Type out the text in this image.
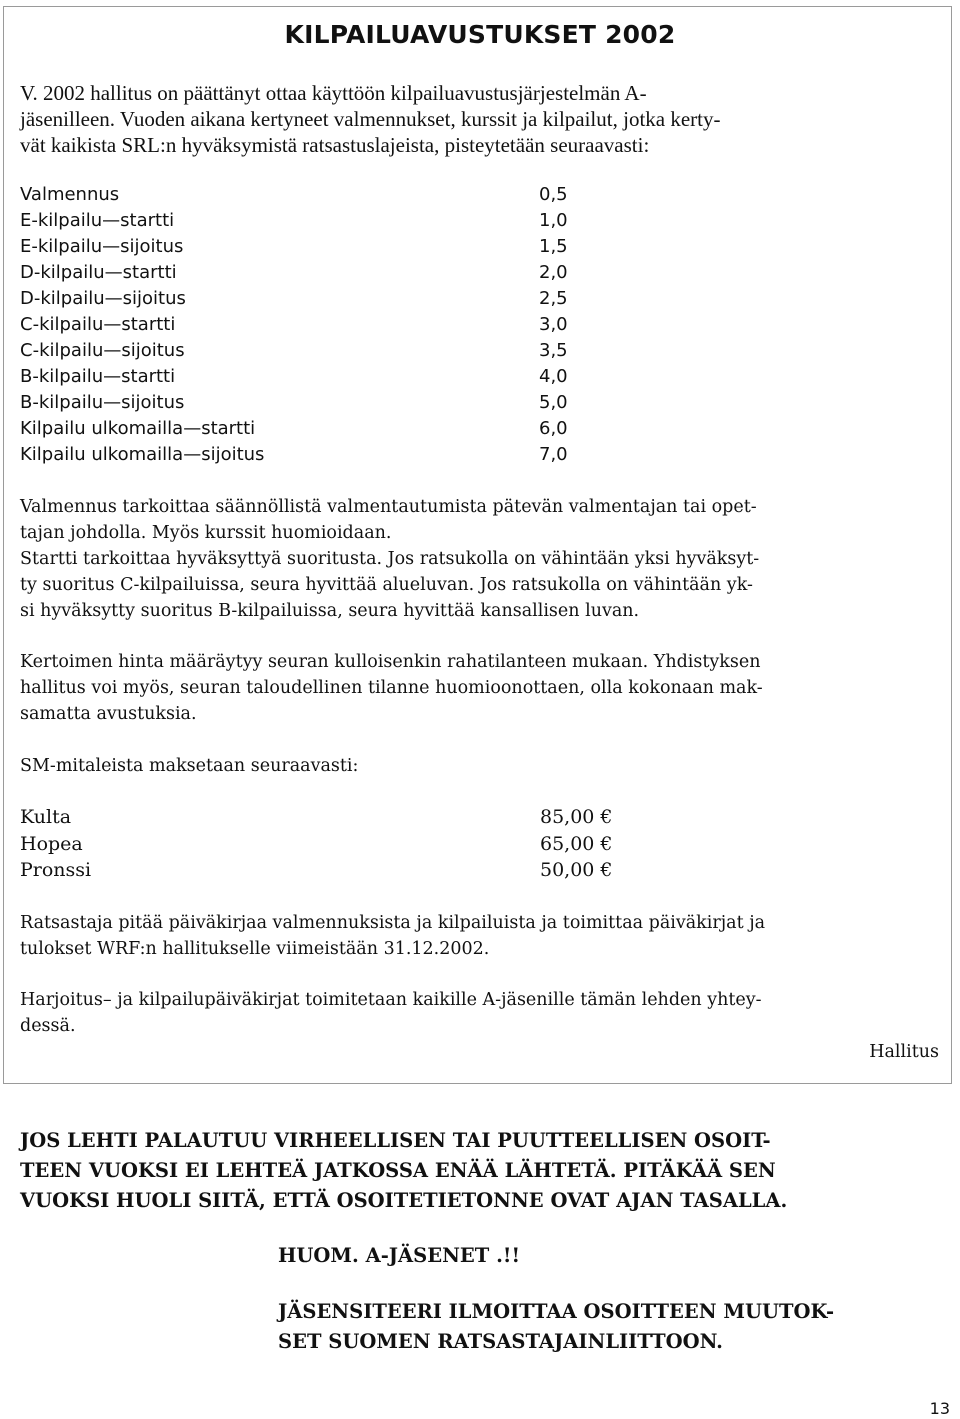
KILPAILUAVUSTUKSET 2002
V. 2002 hallitus on päättänyt ottaa käyttöön kilpailuavustusjärjestelmän A-
jäsenilleen. Vuoden aikana kertyneet valmennukset, kurssit ja kilpailut, jotka kerty-
vät kaikista SRL:n hyväksymistä ratsastuslajeista, pisteytetään seuraavasti:
Valmennus	0,5
E-kilpailu—startti	1,0
E-kilpailu—sijoitus	1,5
D-kilpailu—startti	2,0
D-kilpailu—sijoitus	2,5
C-kilpailu—startti	3,0
C-kilpailu—sijoitus	3,5
B-kilpailu—startti	4,0
B-kilpailu—sijoitus	5,0
Kilpailu ulkomailla—startti	6,0
Kilpailu ulkomailla—sijoitus	7,0
Valmennus tarkoittaa säännöllistä valmentautumista pätevän valmentajan tai opet-
tajan johdolla. Myös kurssit huomioidaan.
Startti tarkoittaa hyväksyttyä suoritusta. Jos ratsukolla on vähintään yksi hyväksyt-
ty suoritus C-kilpailuissa, seura hyvittää alueluvan. Jos ratsukolla on vähintään yk-
si hyväksytty suoritus B-kilpailuissa, seura hyvittää kansallisen luvan.
Kertoimen hinta määräytyy seuran kulloisenkin rahatilanteen mukaan. Yhdistyksen
hallitus voi myös, seuran taloudellinen tilanne huomioonottaen, olla kokonaan mak-
samatta avustuksia.
SM-mitaleista maksetaan seuraavasti:
Kulta	85,00 €
Hopea	65,00 €
Pronssi	50,00 €
Ratsastaja pitää päiväkirjaa valmennuksista ja kilpailuista ja toimittaa päiväkirjat ja
tulokset WRF:n hallitukselle viimeistään 31.12.2002.
Harjoitus– ja kilpailupäiväkirjat toimitetaan kaikille A-jäsenille tämän lehden yhtey-
dessä.
Hallitus
JOS LEHTI PALAUTUU VIRHEELLISEN TAI PUUTTEELLISEN OSOIT-
TEEN VUOKSI EI LEHTEÄ JATKOSSA ENÄÄ LÄHTETÄ. PITÄKÄÄ SEN
VUOKSI HUOLI SIITÄ, ETTÄ OSOITETIETONNE OVAT AJAN TASALLA.
HUOM. A-JÄSENET .!!
JÄSENSITEERI ILMOITTAA OSOITTEEN MUUTOK-
SET SUOMEN RATSASTAJAINLIITTOON.
13
